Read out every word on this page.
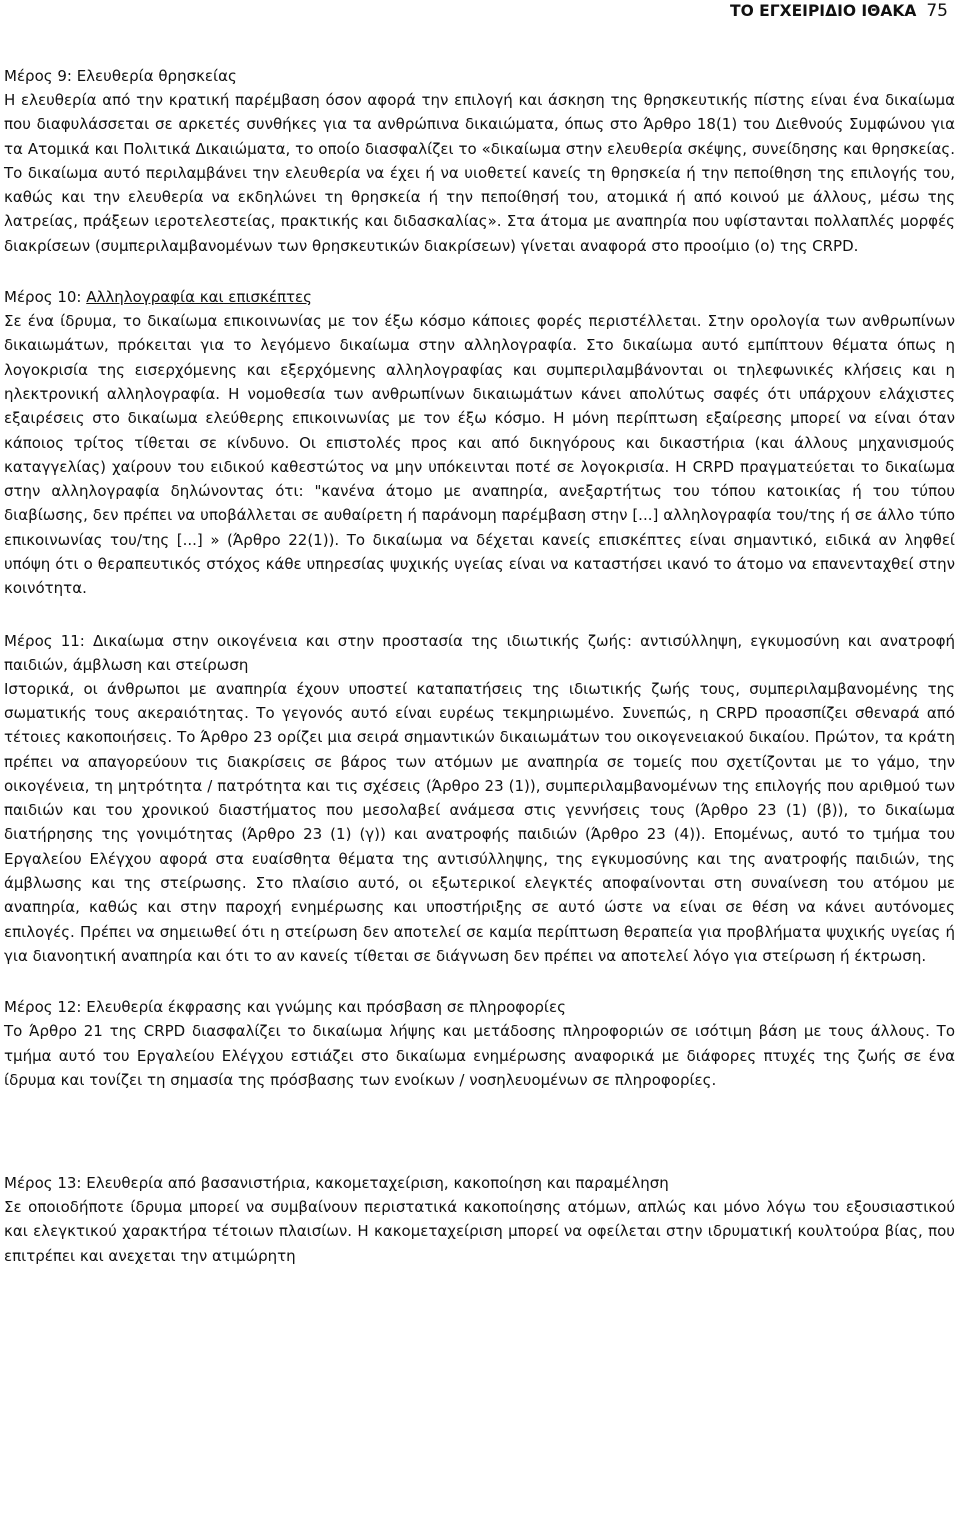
ΤΟ ΕΓΧΕΙΡΙΔΙΟ ΙΘΑΚΑ 75
Μέρος 9: Ελευθερία θρησκείας

Η ελευθερία από την κρατική παρέμβαση όσον αφορά την επιλογή και άσκηση της θρησκευτικής πίστης είναι ένα δικαίωμα που διαφυλάσσεται σε αρκετές συνθήκες για τα ανθρώπινα δικαιώματα, όπως στο Άρθρο 18(1) του Διεθνούς Συμφώνου για τα Ατομικά και Πολιτικά Δικαιώματα, το οποίο διασφαλίζει το «δικαίωμα στην ελευθερία σκέψης, συνείδησης και θρησκείας. Το δικαίωμα αυτό περιλαμβάνει την ελευθερία να έχει ή να υιοθετεί κανείς τη θρησκεία ή την πεποίθηση της επιλογής του, καθώς και την ελευθερία να εκδηλώνει τη θρησκεία ή την πεποίθησή του, ατομικά ή από κοινού με άλλους, μέσω της λατρείας, πράξεων ιεροτελεστείας, πρακτικής και διδασκαλίας». Στα άτομα με αναπηρία που υφίστανται πολλαπλές μορφές διακρίσεων (συμπεριλαμβανομένων των θρησκευτικών διακρίσεων) γίνεται αναφορά στο προοίμιο (ο) της CRPD.

Μέρος 10: Αλληλογραφία και επισκέπτες

Σε ένα ίδρυμα, το δικαίωμα επικοινωνίας με τον έξω κόσμο κάποιες φορές περιστέλλεται. Στην ορολογία των ανθρωπίνων δικαιωμάτων, πρόκειται για το λεγόμενο δικαίωμα στην αλληλογραφία. Στο δικαίωμα αυτό εμπίπτουν θέματα όπως η λογοκρισία της εισερχόμενης και εξερχόμενης αλληλογραφίας και συμπεριλαμβάνονται οι τηλεφωνικές κλήσεις και η ηλεκτρονική αλληλογραφία. Η νομοθεσία των ανθρωπίνων δικαιωμάτων κάνει απολύτως σαφές ότι υπάρχουν ελάχιστες εξαιρέσεις στο δικαίωμα ελεύθερης επικοινωνίας με τον έξω κόσμο. Η μόνη περίπτωση εξαίρεσης μπορεί να είναι όταν κάποιος τρίτος τίθεται σε κίνδυνο. Οι επιστολές προς και από δικηγόρους και δικαστήρια (και άλλους μηχανισμούς καταγγελίας) χαίρουν του ειδικού καθεστώτος να μην υπόκεινται ποτέ σε λογοκρισία. Η CRPD πραγματεύεται το δικαίωμα στην αλληλογραφία δηλώνοντας ότι: "κανένα άτομο με αναπηρία, ανεξαρτήτως του τόπου κατοικίας ή του τύπου διαβίωσης, δεν πρέπει να υποβάλλεται σε αυθαίρετη ή παράνομη παρέμβαση στην [...] αλληλογραφία του/της ή σε άλλο τύπο επικοινωνίας του/της [...] » (Άρθρο 22(1)). Το δικαίωμα να δέχεται κανείς επισκέπτες είναι σημαντικό, ειδικά αν ληφθεί υπόψη ότι ο θεραπευτικός στόχος κάθε υπηρεσίας ψυχικής υγείας είναι να καταστήσει ικανό το άτομο να επανενταχθεί στην κοινότητα.

Μέρος 11: Δικαίωμα στην οικογένεια και στην προστασία της ιδιωτικής ζωής: αντισύλληψη, εγκυμοσύνη και ανατροφή παιδιών, άμβλωση και στείρωση

Ιστορικά, οι άνθρωποι με αναπηρία έχουν υποστεί καταπατήσεις της ιδιωτικής ζωής τους, συμπεριλαμβανομένης της σωματικής τους ακεραιότητας. Το γεγονός αυτό είναι ευρέως τεκμηριωμένο. Συνεπώς, η CRPD προασπίζει σθεναρά από τέτοιες κακοποιήσεις. Το Άρθρο 23 ορίζει μια σειρά σημαντικών δικαιωμάτων του οικογενειακού δικαίου. Πρώτον, τα κράτη πρέπει να απαγορεύουν τις διακρίσεις σε βάρος των ατόμων με αναπηρία σε τομείς που σχετίζονται με το γάμο, την οικογένεια, τη μητρότητα / πατρότητα και τις σχέσεις (Άρθρο 23 (1)), συμπεριλαμβανομένων της επιλογής που αριθμού των παιδιών και του χρονικού διαστήματος που μεσολαβεί ανάμεσα στις γεννήσεις τους (Άρθρο 23 (1) (β)), το δικαίωμα διατήρησης της γονιμότητας (Άρθρο 23 (1) (γ)) και ανατροφής παιδιών (Άρθρο 23 (4)). Επομένως, αυτό το τμήμα του Εργαλείου Ελέγχου αφορά στα ευαίσθητα θέματα της αντισύλληψης, της εγκυμοσύνης και της ανατροφής παιδιών, της άμβλωσης και της στείρωσης. Στο πλαίσιο αυτό, οι εξωτερικοί ελεγκτές αποφαίνονται στη συναίνεση του ατόμου με αναπηρία, καθώς και στην παροχή ενημέρωσης και υποστήριξης σε αυτό ώστε να είναι σε θέση να κάνει αυτόνομες επιλογές. Πρέπει να σημειωθεί ότι η στείρωση δεν αποτελεί σε καμία περίπτωση θεραπεία για προβλήματα ψυχικής υγείας ή για διανοητική αναπηρία και ότι το αν κανείς τίθεται σε διάγνωση δεν πρέπει να αποτελεί λόγο για στείρωση ή έκτρωση.

Μέρος 12: Ελευθερία έκφρασης και γνώμης και πρόσβαση σε πληροφορίες

Το Άρθρο 21 της CRPD διασφαλίζει το δικαίωμα λήψης και μετάδοσης πληροφοριών σε ισότιμη βάση με τους άλλους. Το τμήμα αυτό του Εργαλείου Ελέγχου εστιάζει στο δικαίωμα ενημέρωσης αναφορικά με διάφορες πτυχές της ζωής σε ένα ίδρυμα και τονίζει τη σημασία της πρόσβασης των ενοίκων / νοσηλευομένων σε πληροφορίες.

Μέρος 13: Ελευθερία από βασανιστήρια, κακομεταχείριση, κακοποίηση και παραμέληση

Σε οποιοδήποτε ίδρυμα μπορεί να συμβαίνουν περιστατικά κακοποίησης ατόμων, απλώς και μόνο λόγω του εξουσιαστικού και ελεγκτικού χαρακτήρα τέτοιων πλαισίων. Η κακομεταχείριση μπορεί να οφείλεται στην ιδρυματική κουλτούρα βίας, που επιτρέπει και ανεχεται την ατιμώρητη
